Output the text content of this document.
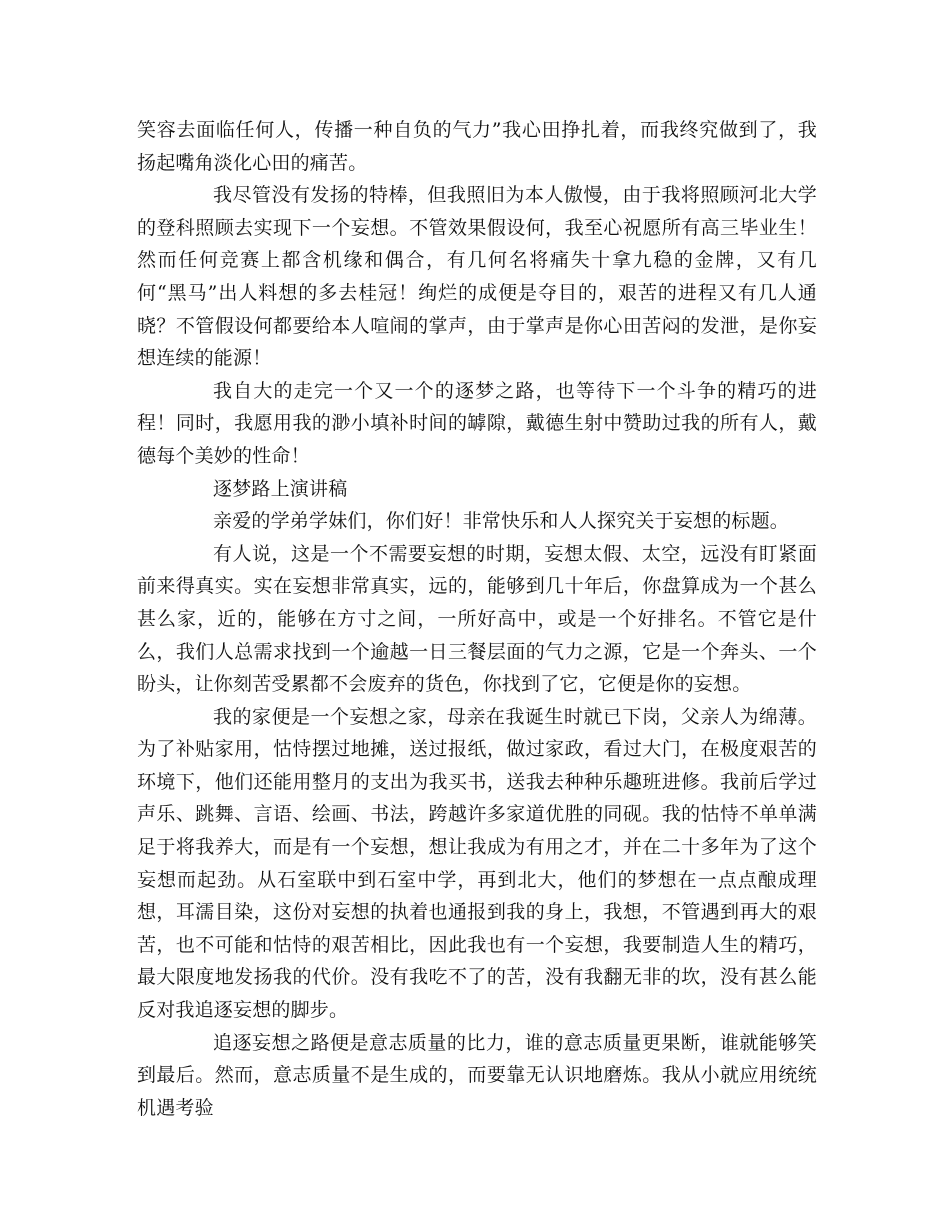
笑容去面临任何人，传播一种自负的气力”我心田挣扎着，而我终究做到了，我扬起嘴角淡化心田的痛苦。

我尽管没有发扬的特棒，但我照旧为本人傲慢，由于我将照顾河北大学的登科照顾去实现下一个妄想。不管效果假设何，我至心祝愿所有高三毕业生！然而任何竞赛上都含机缘和偶合，有几何名将痛失十拿九稳的金牌，又有几何“黑马”出人料想的多去桂冠！绚烂的成便是夺目的，艰苦的进程又有几人通晓？不管假设何都要给本人喧闹的掌声，由于掌声是你心田苦闷的发泄，是你妄想连续的能源！

我自大的走完一个又一个的逐梦之路，也等待下一个斗争的精巧的进程！同时，我愿用我的渺小填补时间的罅隙，戴德生射中赞助过我的所有人，戴德每个美妙的性命！

逐梦路上演讲稿

亲爱的学弟学妹们，你们好！非常快乐和人人探究关于妄想的标题。

有人说，这是一个不需要妄想的时期，妄想太假、太空，远没有盯紧面前来得真实。实在妄想非常真实，远的，能够到几十年后，你盘算成为一个甚么甚么家，近的，能够在方寸之间，一所好高中，或是一个好排名。不管它是什么，我们人总需求找到一个逾越一日三餐层面的气力之源，它是一个奔头、一个盼头，让你刻苦受累都不会废弃的货色，你找到了它，它便是你的妄想。

我的家便是一个妄想之家，母亲在我诞生时就已下岗，父亲人为绵薄。为了补贴家用，怙恃摆过地摊，送过报纸，做过家政，看过大门，在极度艰苦的环境下，他们还能用整月的支出为我买书，送我去种种乐趣班进修。我前后学过声乐、跳舞、言语、绘画、书法，跨越许多家道优胜的同砚。我的怙恃不单单满足于将我养大，而是有一个妄想，想让我成为有用之才，并在二十多年为了这个妄想而起劲。从石室联中到石室中学，再到北大，他们的梦想在一点点酿成理想，耳濡目染，这份对妄想的执着也通报到我的身上，我想，不管遇到再大的艰苦，也不可能和怙恃的艰苦相比，因此我也有一个妄想，我要制造人生的精巧，最大限度地发扬我的代价。没有我吃不了的苦，没有我翻无非的坎，没有甚么能反对我追逐妄想的脚步。

追逐妄想之路便是意志质量的比力，谁的意志质量更果断，谁就能够笑到最后。然而，意志质量不是生成的，而要靠无认识地磨炼。我从小就应用统统机遇考验
